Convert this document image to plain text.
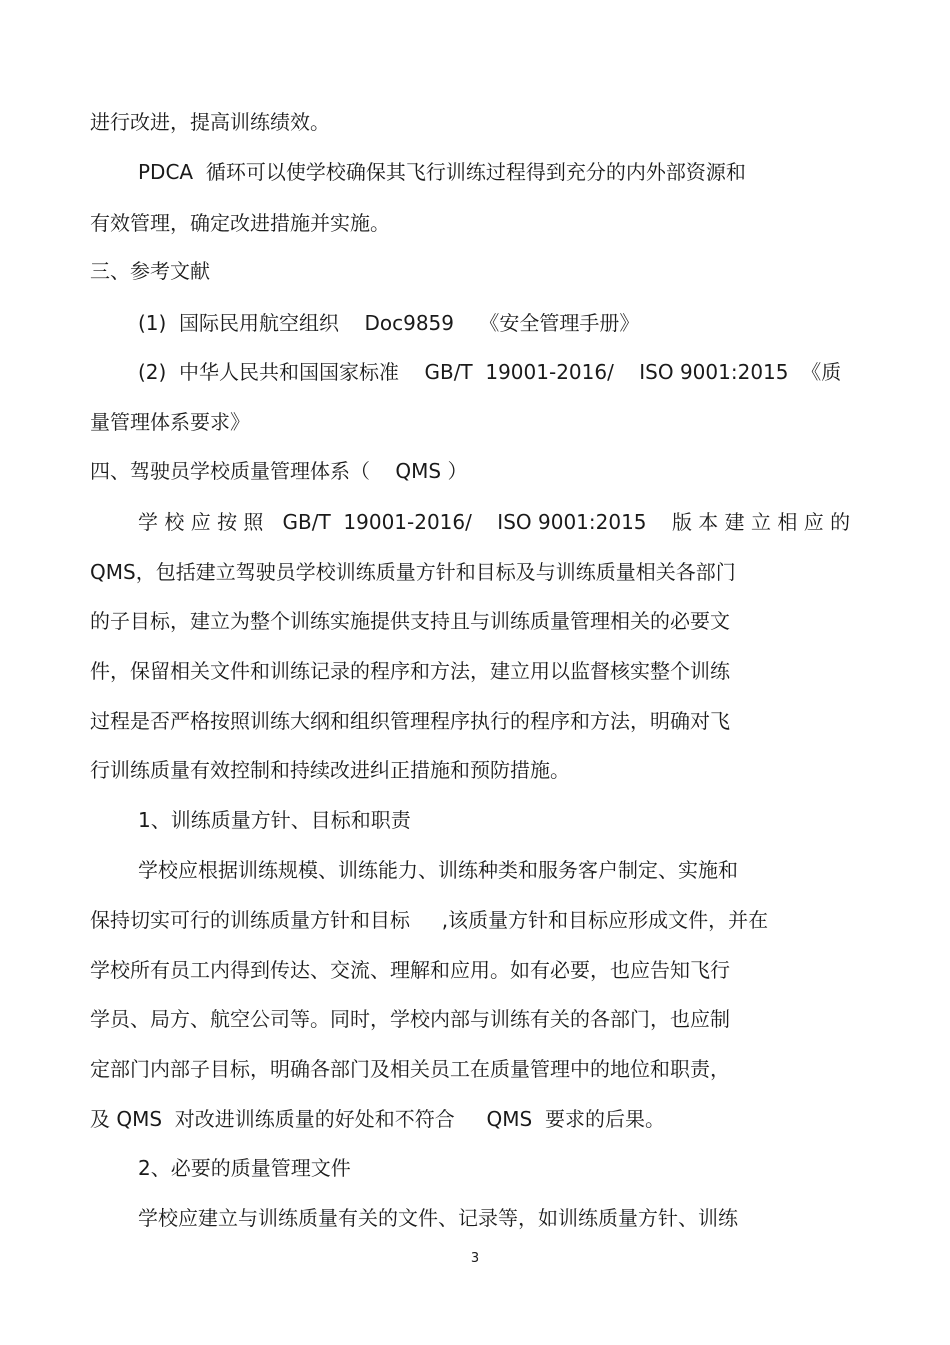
进行改进，提高训练绩效。
PDCA  循环可以使学校确保其飞行训练过程得到充分的内外部资源和
有效管理，确定改进措施并实施。
三、参考文献
(1)  国际民用航空组织    Doc9859    《安全管理手册》
(2)  中华人民共和国国家标准    GB/T  19001-2016/    ISO 9001:2015  《质
量管理体系要求》
四、驾驶员学校质量管理体系（    QMS ）
学 校 应 按 照   GB/T  19001-2016/    ISO 9001:2015    版 本 建 立 相 应 的
QMS，包括建立驾驶员学校训练质量方针和目标及与训练质量相关各部门
的子目标，建立为整个训练实施提供支持且与训练质量管理相关的必要文
件，保留相关文件和训练记录的程序和方法，建立用以监督核实整个训练
过程是否严格按照训练大纲和组织管理程序执行的程序和方法，明确对飞
行训练质量有效控制和持续改进纠正措施和预防措施。
1、训练质量方针、目标和职责
学校应根据训练规模、训练能力、训练种类和服务客户制定、实施和
保持切实可行的训练质量方针和目标     ,该质量方针和目标应形成文件，并在
学校所有员工内得到传达、交流、理解和应用。如有必要，也应告知飞行
学员、局方、航空公司等。同时，学校内部与训练有关的各部门，也应制
定部门内部子目标，明确各部门及相关员工在质量管理中的地位和职责，
及 QMS  对改进训练质量的好处和不符合     QMS  要求的后果。
2、必要的质量管理文件
学校应建立与训练质量有关的文件、记录等，如训练质量方针、训练
3
